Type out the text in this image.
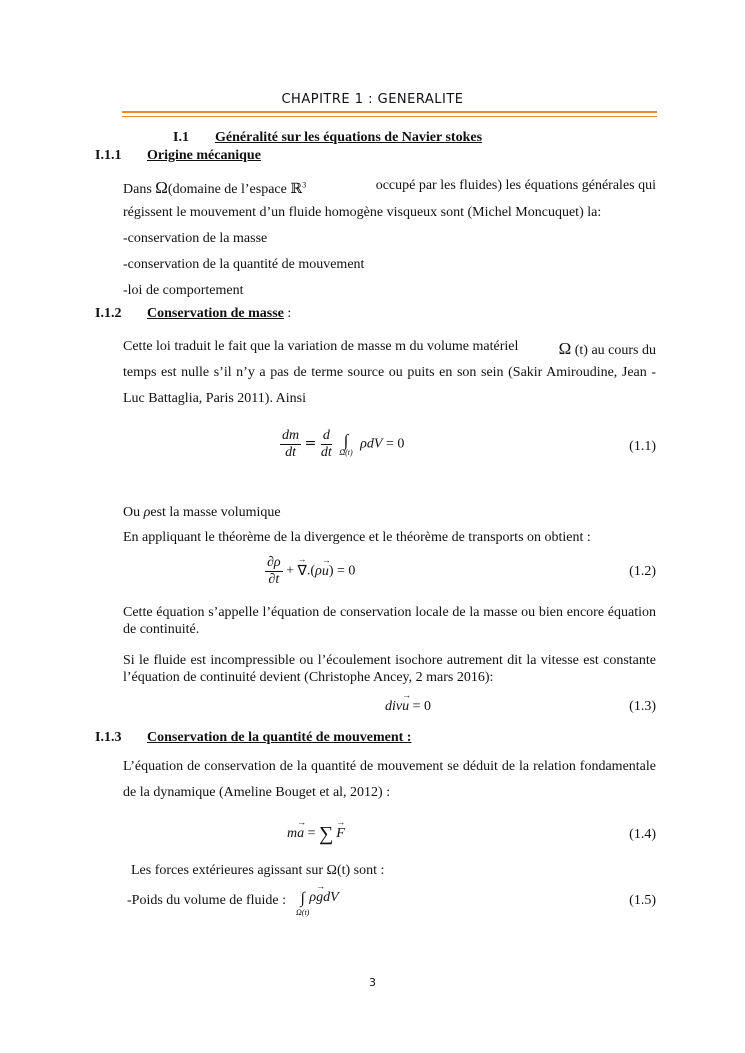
CHAPITRE 1 : GENERALITE
I.1 Généralité sur les équations de Navier stokes
I.1.1 Origine mécanique
Dans Ω(domaine de l’espace ℝ$^3$	occupé par les fluides) les équations générales qui
régissent le mouvement d’un fluide homogène visqueux sont (Michel Moncuquet) la:
-conservation de la masse
-conservation de la quantité de mouvement
-loi de comportement
I.1.2 Conservation de masse :
Cette loi traduit le fait que la variation de masse m du volume matériel Ω (t) au cours du
temps est nulle s’il n’y a pas de terme source ou puits en son sein (Sakir Amiroudine, Jean -Luc Battaglia, Paris 2011). Ainsi
$\frac{dm}{dt} = \frac{d}{dt}$
∫
Ω(t)
ρdV = 0	(1.1)
Ou ρest la masse volumique
En appliquant le théorème de la divergence et le théorème de transports on obtient :
$\frac{\partial\rho}{\partial t}$ + → ∇.(ρ→ u) = 0	(1.2)
Cette équation s’appelle l’équation de conservation locale de la masse ou bien encore équation de continuité.
Si le fluide est incompressible ou l’écoulement isochore autrement dit la vitesse est constante l’équation de continuité devient (Christophe Ancey, 2 mars 2016):
div→ u = 0	(1.3)
I.1.3 Conservation de la quantité de mouvement :
L’équation de conservation de la quantité de mouvement se déduit de la relation fondamentale de la dynamique (Ameline Bouget et al, 2012) :
m→ a = ∑→ F	(1.4)
Les forces extérieures agissant sur Ω(t) sont :
-Poids du volume de fluide : ∫
Ω(t)
ρ→ gdV	(1.5)
3
